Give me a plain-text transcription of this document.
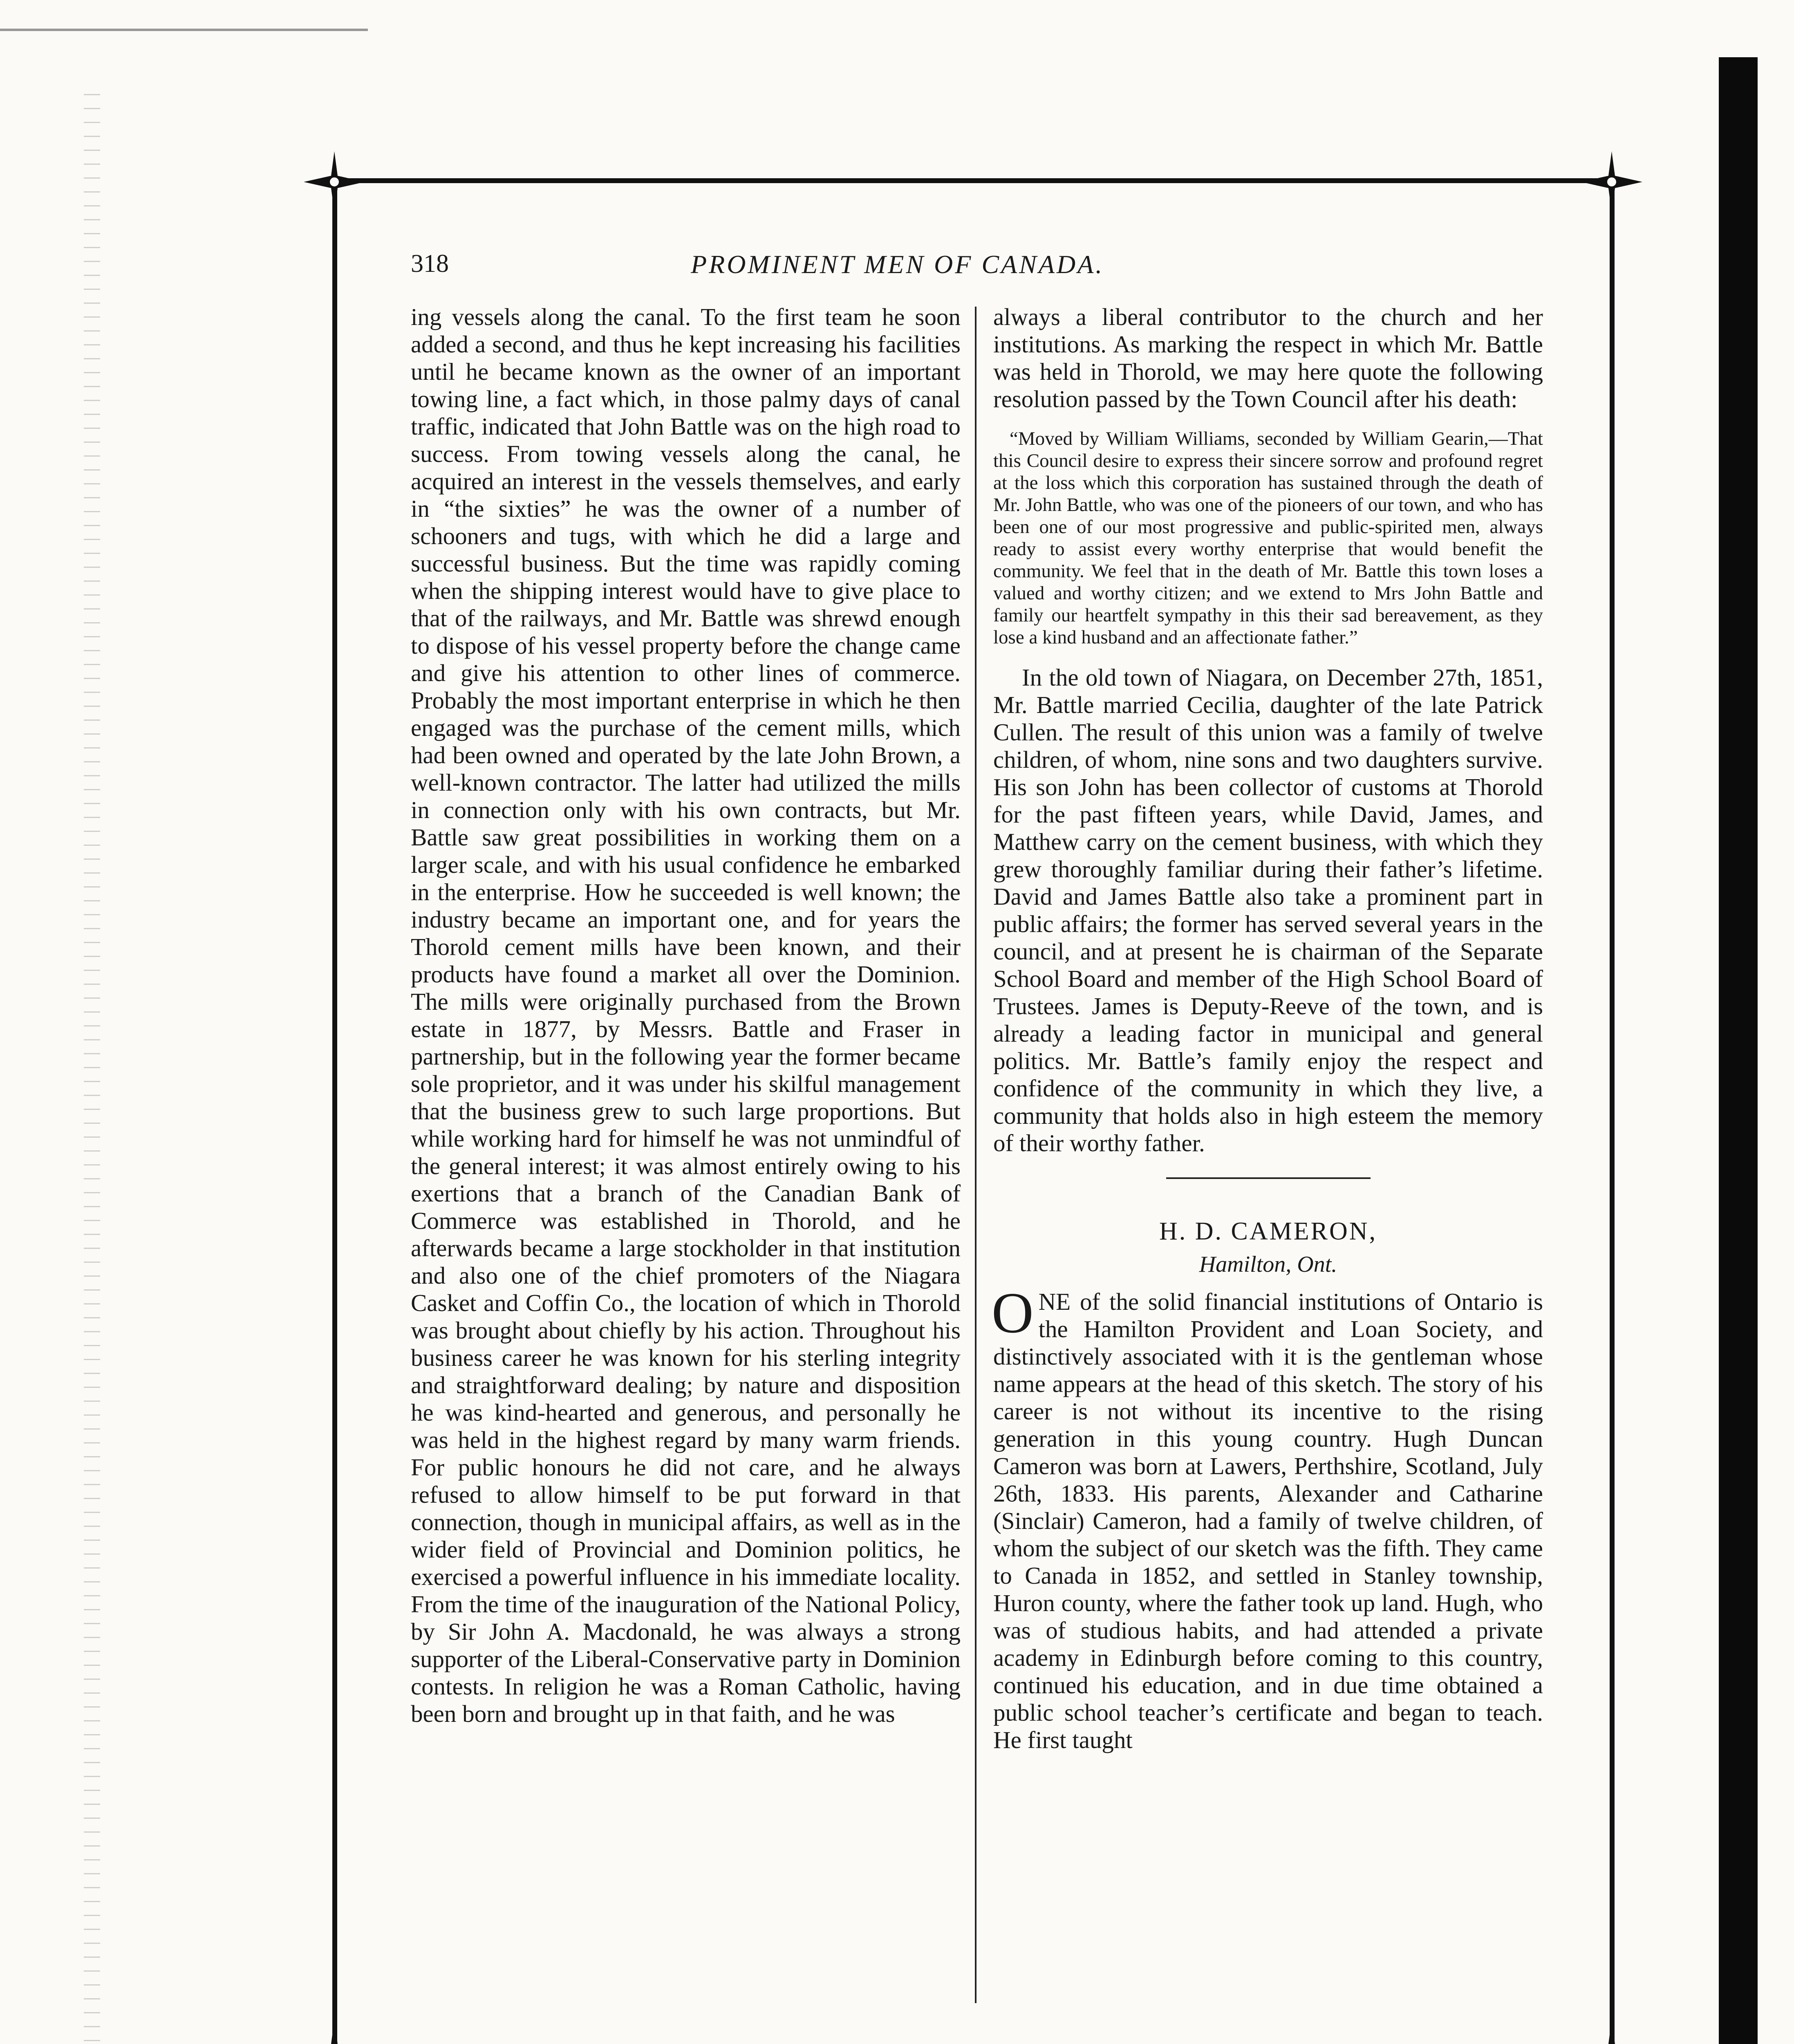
318	PROMINENT MEN OF CANADA.

ing vessels along the canal. To the first team he soon added a second, and thus he kept increasing his facilities until he became known as the owner of an important towing line, a fact which, in those palmy days of canal traffic, indicated that John Battle was on the high road to success. From towing vessels along the canal, he acquired an interest in the vessels themselves, and early in “the sixties” he was the owner of a number of schooners and tugs, with which he did a large and successful business. But the time was rapidly coming when the shipping interest would have to give place to that of the railways, and Mr. Battle was shrewd enough to dispose of his vessel property before the change came and give his attention to other lines of commerce. Probably the most important enterprise in which he then engaged was the purchase of the cement mills, which had been owned and operated by the late John Brown, a well-known contractor. The latter had utilized the mills in connection only with his own contracts, but Mr. Battle saw great possibilities in working them on a larger scale, and with his usual confidence he embarked in the enterprise. How he succeeded is well known; the industry became an important one, and for years the Thorold cement mills have been known, and their products have found a market all over the Dominion. The mills were originally purchased from the Brown estate in 1877, by Messrs. Battle and Fraser in partnership, but in the following year the former became sole proprietor, and it was under his skilful management that the business grew to such large proportions. But while working hard for himself he was not unmindful of the general interest; it was almost entirely owing to his exertions that a branch of the Canadian Bank of Commerce was established in Thorold, and he afterwards became a large stockholder in that institution and also one of the chief promoters of the Niagara Casket and Coffin Co., the location of which in Thorold was brought about chiefly by his action. Throughout his business career he was known for his sterling integrity and straightforward dealing; by nature and disposition he was kind-hearted and generous, and personally he was held in the highest regard by many warm friends. For public honours he did not care, and he always refused to allow himself to be put forward in that connection, though in municipal affairs, as well as in the wider field of Provincial and Dominion politics, he exercised a powerful influence in his immediate locality. From the time of the inauguration of the National Policy, by Sir John A. Macdonald, he was always a strong supporter of the Liberal-Conservative party in Dominion contests. In religion he was a Roman Catholic, having been born and brought up in that faith, and he was

always a liberal contributor to the church and her institutions. As marking the respect in which Mr. Battle was held in Thorold, we may here quote the following resolution passed by the Town Council after his death:

“Moved by William Williams, seconded by William Gearin,—That this Council desire to express their sincere sorrow and profound regret at the loss which this corporation has sustained through the death of Mr. John Battle, who was one of the pioneers of our town, and who has been one of our most progressive and public-spirited men, always ready to assist every worthy enterprise that would benefit the community. We feel that in the death of Mr. Battle this town loses a valued and worthy citizen; and we extend to Mrs John Battle and family our heartfelt sympathy in this their sad bereavement, as they lose a kind husband and an affectionate father.”

In the old town of Niagara, on December 27th, 1851, Mr. Battle married Cecilia, daughter of the late Patrick Cullen. The result of this union was a family of twelve children, of whom, nine sons and two daughters survive. His son John has been collector of customs at Thorold for the past fifteen years, while David, James, and Matthew carry on the cement business, with which they grew thoroughly familiar during their father’s lifetime. David and James Battle also take a prominent part in public affairs; the former has served several years in the council, and at present he is chairman of the Separate School Board and member of the High School Board of Trustees. James is Deputy-Reeve of the town, and is already a leading factor in municipal and general politics. Mr. Battle’s family enjoy the respect and confidence of the community in which they live, a community that holds also in high esteem the memory of their worthy father.

H. D. CAMERON,

Hamilton, Ont.

ONE of the solid financial institutions of Ontario is the Hamilton Provident and Loan Society, and distinctively associated with it is the gentleman whose name appears at the head of this sketch. The story of his career is not without its incentive to the rising generation in this young country. Hugh Duncan Cameron was born at Lawers, Perthshire, Scotland, July 26th, 1833. His parents, Alexander and Catharine (Sinclair) Cameron, had a family of twelve children, of whom the subject of our sketch was the fifth. They came to Canada in 1852, and settled in Stanley township, Huron county, where the father took up land. Hugh, who was of studious habits, and had attended a private academy in Edinburgh before coming to this country, continued his education, and in due time obtained a public school teacher’s certificate and began to teach. He first taught
